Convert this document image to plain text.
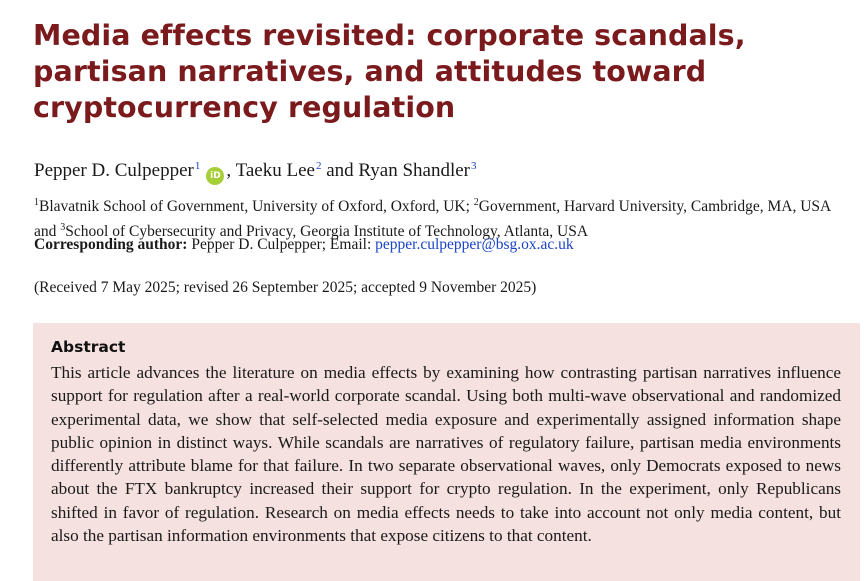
Media effects revisited: corporate scandals, partisan narratives, and attitudes toward cryptocurrency regulation
Pepper D. Culpepper$^1$iD , Taeku Lee$^2$ and Ryan Shandler$^3$
$^1$Blavatnik School of Government, University of Oxford, Oxford, UK; $^2$Government, Harvard University, Cambridge, MA, USA and $^3$School of Cybersecurity and Privacy, Georgia Institute of Technology, Atlanta, USA
Corresponding author: Pepper D. Culpepper; Email: pepper.culpepper@bsg.ox.ac.uk
(Received 7 May 2025; revised 26 September 2025; accepted 9 November 2025)
Abstract
This article advances the literature on media effects by examining how contrasting partisan narratives influence support for regulation after a real-world corporate scandal. Using both multi-wave observational and randomized experimental data, we show that self-selected media exposure and experimentally assigned information shape public opinion in distinct ways. While scandals are narratives of regulatory failure, partisan media environments differently attribute blame for that failure. In two separate observational waves, only Democrats exposed to news about the FTX bankruptcy increased their support for crypto regulation. In the experiment, only Republicans shifted in favor of regulation. Research on media effects needs to take into account not only media content, but also the partisan information environments that expose citizens to that content.
